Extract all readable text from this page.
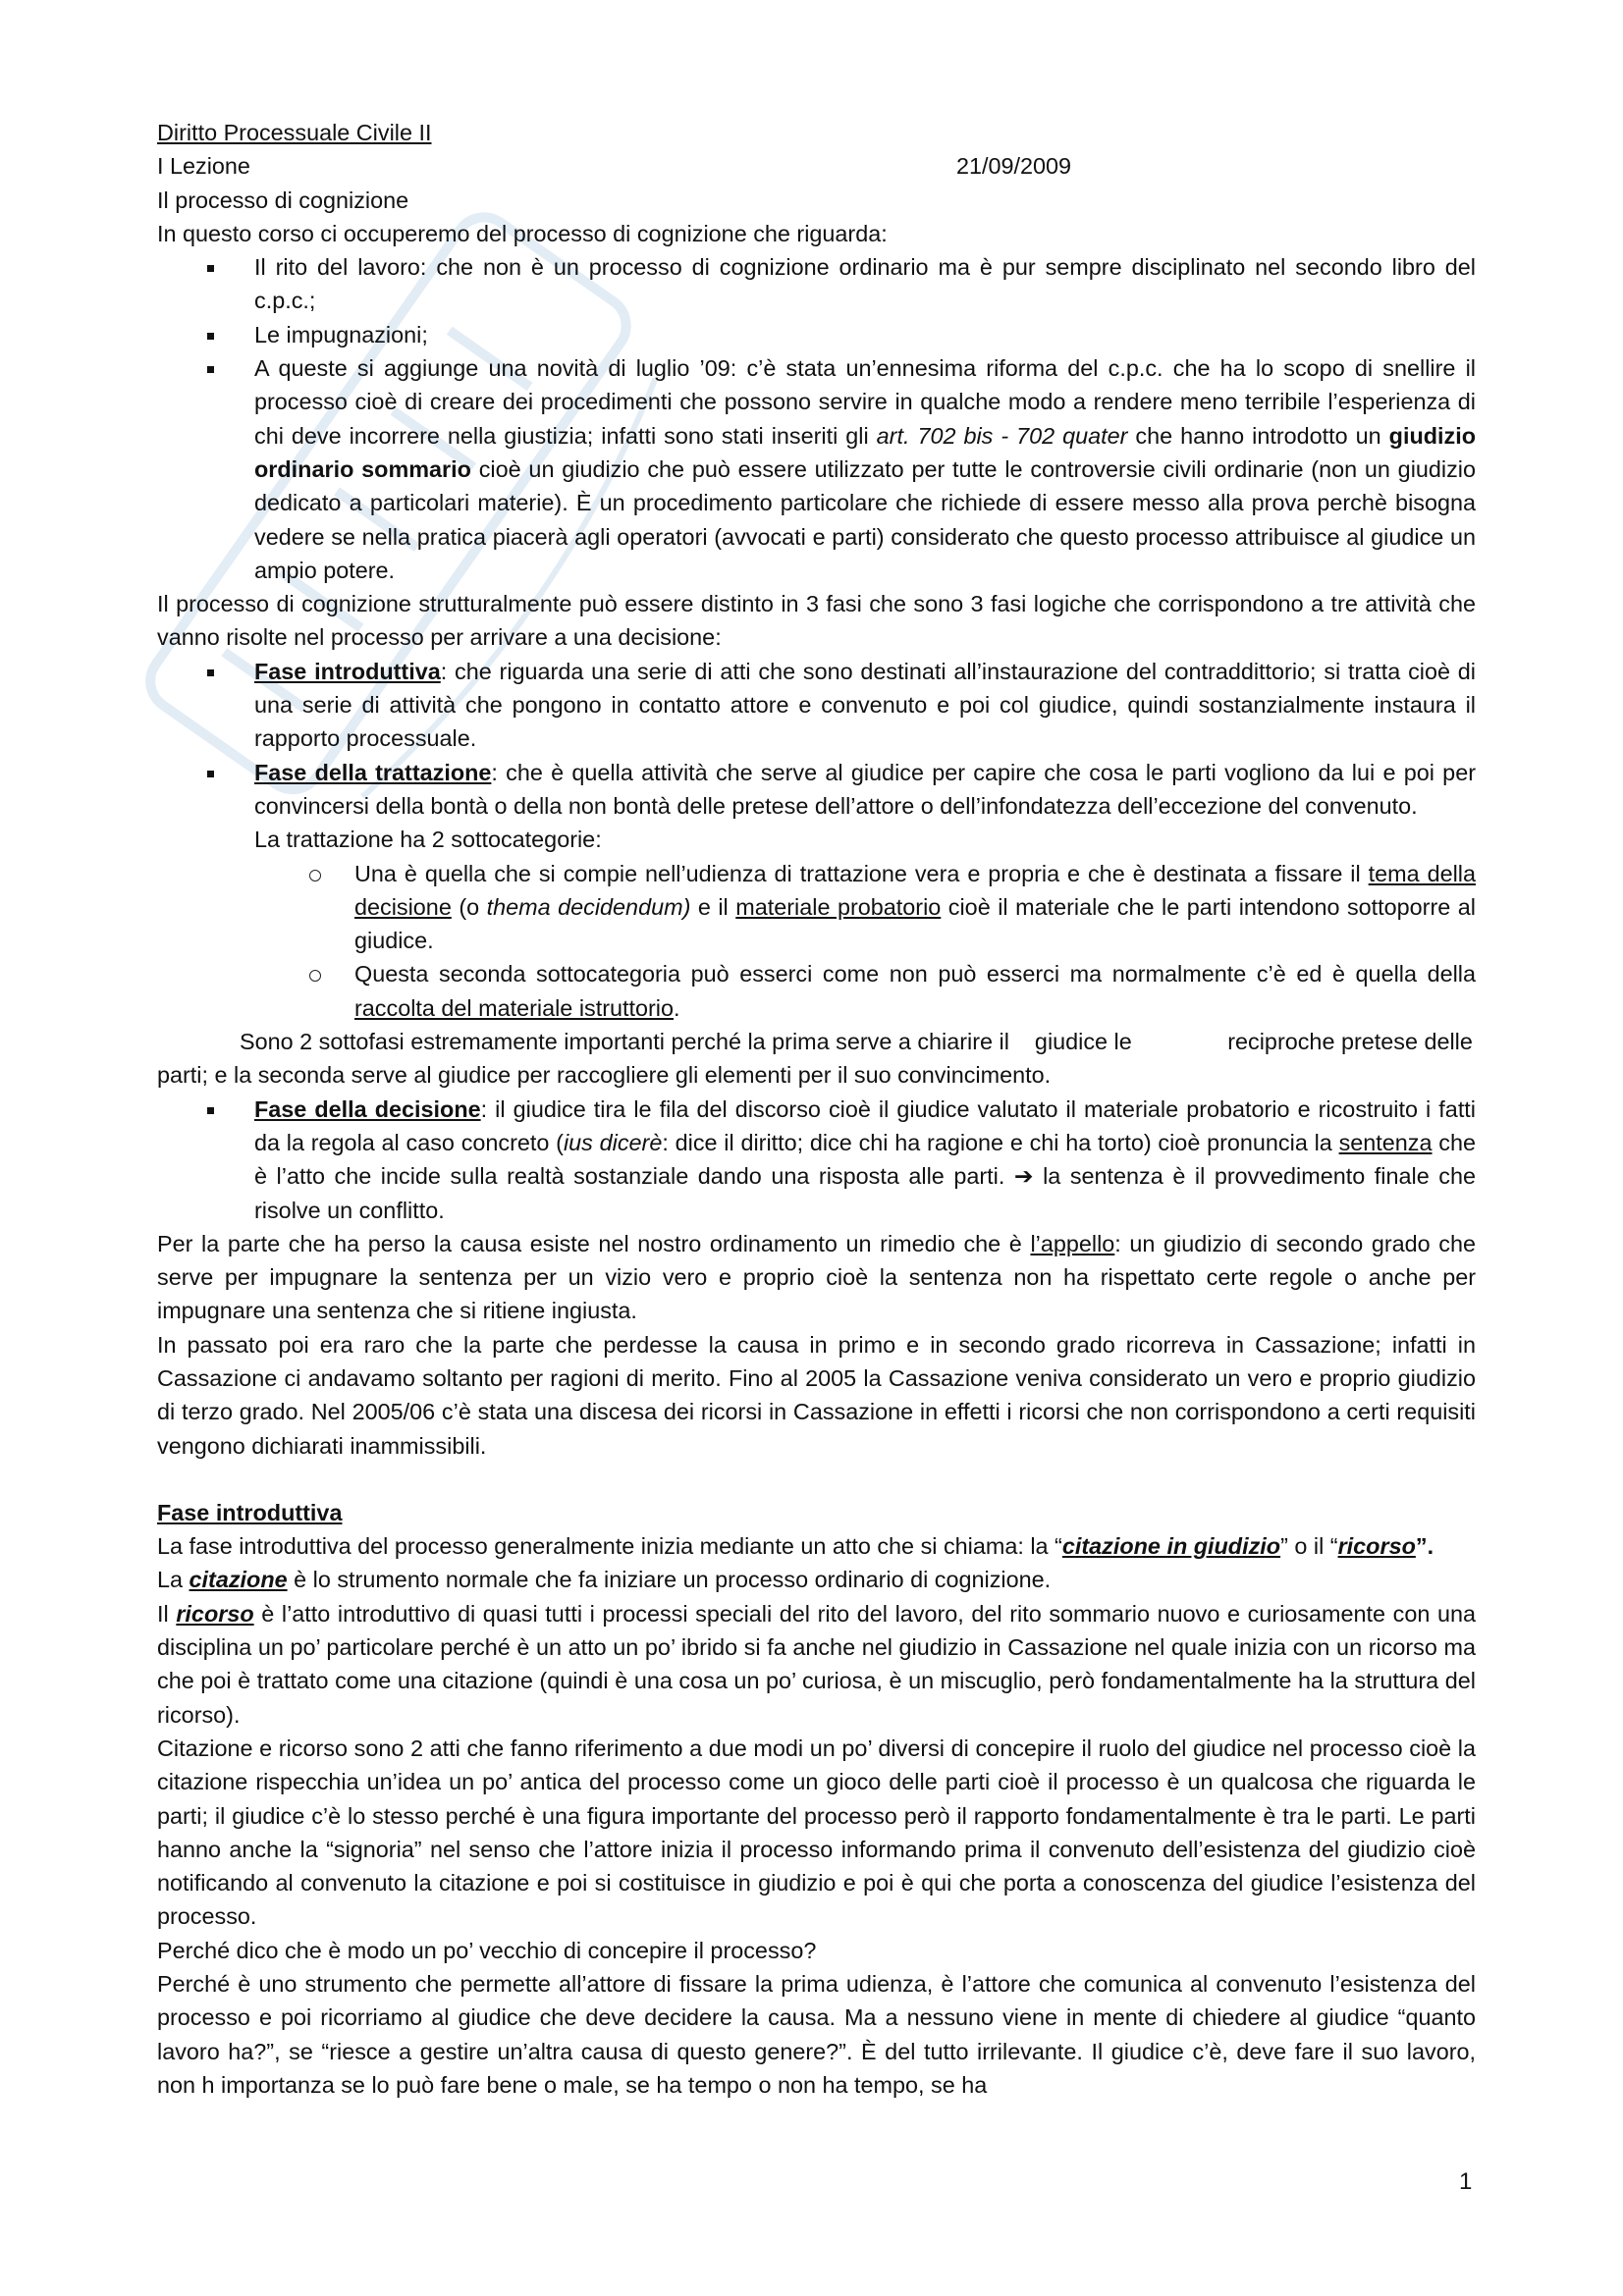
Diritto Processuale Civile II

I Lezione	21/09/2009

Il processo di cognizione

In questo corso ci occuperemo del processo di cognizione che riguarda:

Il rito del lavoro: che non è un processo di cognizione ordinario ma è pur sempre disciplinato nel secondo libro del c.p.c.;
Le impugnazioni;
A queste si aggiunge una novità di luglio ’09: c’è stata un’ennesima riforma del c.p.c. che ha lo scopo di snellire il processo cioè di creare dei procedimenti che possono servire in qualche modo a rendere meno terribile l’esperienza di chi deve incorrere nella giustizia; infatti sono stati inseriti gli art. 702 bis - 702 quater che hanno introdotto un giudizio ordinario sommario cioè un giudizio che può essere utilizzato per tutte le controversie civili ordinarie (non un giudizio dedicato a particolari materie). È un procedimento particolare che richiede di essere messo alla prova perchè bisogna vedere se nella pratica piacerà agli operatori (avvocati e parti) considerato che questo processo attribuisce al giudice un ampio potere.

Il processo di cognizione strutturalmente può essere distinto in 3 fasi che sono 3 fasi logiche che corrispondono a tre attività che vanno risolte nel processo per arrivare a una decisione:

Fase introduttiva: che riguarda una serie di atti che sono destinati all’instaurazione del contraddittorio; si tratta cioè di una serie di attività che pongono in contatto attore e convenuto e poi col giudice, quindi sostanzialmente instaura il rapporto processuale.
Fase della trattazione: che è quella attività che serve al giudice per capire che cosa le parti vogliono da lui e poi per convincersi della bontà o della non bontà delle pretese dell’attore o dell’infondatezza dell’eccezione del convenuto.

La trattazione ha 2 sottocategorie:

Una è quella che si compie nell’udienza di trattazione vera e propria e che è destinata a fissare il tema della decisione (o thema decidendum) e il materiale probatorio cioè il materiale che le parti intendono sottoporre al giudice.
Questa seconda sottocategoria può esserci come non può esserci ma normalmente c’è ed è quella della raccolta del materiale istruttorio.

Sono 2 sottofasi estremamente importanti perché la prima serve a chiarire il    giudice le               reciproche pretese delle parti; e la seconda serve al giudice per raccogliere gli elementi per il suo convincimento.

Fase della decisione: il giudice tira le fila del discorso cioè il giudice valutato il materiale probatorio e ricostruito i fatti da la regola al caso concreto (ius dicerè: dice il diritto; dice chi ha ragione e chi ha torto) cioè pronuncia la sentenza che è l’atto che incide sulla realtà sostanziale dando una risposta alle parti. ➔ la sentenza è il provvedimento finale che risolve un conflitto.

Per la parte che ha perso la causa esiste nel nostro ordinamento un rimedio che è l’appello: un giudizio di secondo grado che serve per impugnare la sentenza per un vizio vero e proprio cioè la sentenza non ha rispettato certe regole o anche per impugnare una sentenza che si ritiene ingiusta.

In passato poi era raro che la parte che perdesse la causa in primo e in secondo grado ricorreva in Cassazione; infatti in Cassazione ci andavamo soltanto per ragioni di merito. Fino al 2005 la Cassazione veniva considerato un vero e proprio giudizio di terzo grado. Nel 2005/06 c’è stata una discesa dei ricorsi in Cassazione in effetti i ricorsi che non corrispondono a certi requisiti vengono dichiarati inammissibili.

Fase introduttiva

La fase introduttiva del processo generalmente inizia mediante un atto che si chiama: la “citazione in giudizio” o il “ricorso”.

La citazione è lo strumento normale che fa iniziare un processo ordinario di cognizione.

Il ricorso è l’atto introduttivo di quasi tutti i processi speciali del rito del lavoro, del rito sommario nuovo e curiosamente con una disciplina un po’ particolare perché è un atto un po’ ibrido si fa anche nel giudizio in Cassazione nel quale inizia con un ricorso ma che poi è trattato come una citazione (quindi è una cosa un po’ curiosa, è un miscuglio, però fondamentalmente ha la struttura del ricorso).

Citazione e ricorso sono 2 atti che fanno riferimento a due modi un po’ diversi di concepire il ruolo del giudice nel processo cioè la citazione rispecchia un’idea un po’ antica del processo come un gioco delle parti cioè il processo è un qualcosa che riguarda le parti; il giudice c’è lo stesso perché è una figura importante del processo però il rapporto fondamentalmente è tra le parti. Le parti hanno anche la “signoria” nel senso che l’attore inizia il processo informando prima il convenuto dell’esistenza del giudizio cioè notificando al convenuto la citazione e poi si costituisce in giudizio e poi è qui che porta a conoscenza del giudice l’esistenza del processo.

Perché dico che è modo un po’ vecchio di concepire il processo?

Perché è uno strumento che permette all’attore di fissare la prima udienza, è l’attore che comunica al convenuto l’esistenza del processo e poi ricorriamo al giudice che deve decidere la causa. Ma a nessuno viene in mente di chiedere al giudice “quanto lavoro ha?”, se “riesce a gestire un’altra causa di questo genere?”. È del tutto irrilevante. Il giudice c’è, deve fare il suo lavoro, non h importanza se lo può fare bene o male, se ha tempo o non ha tempo, se ha

1
